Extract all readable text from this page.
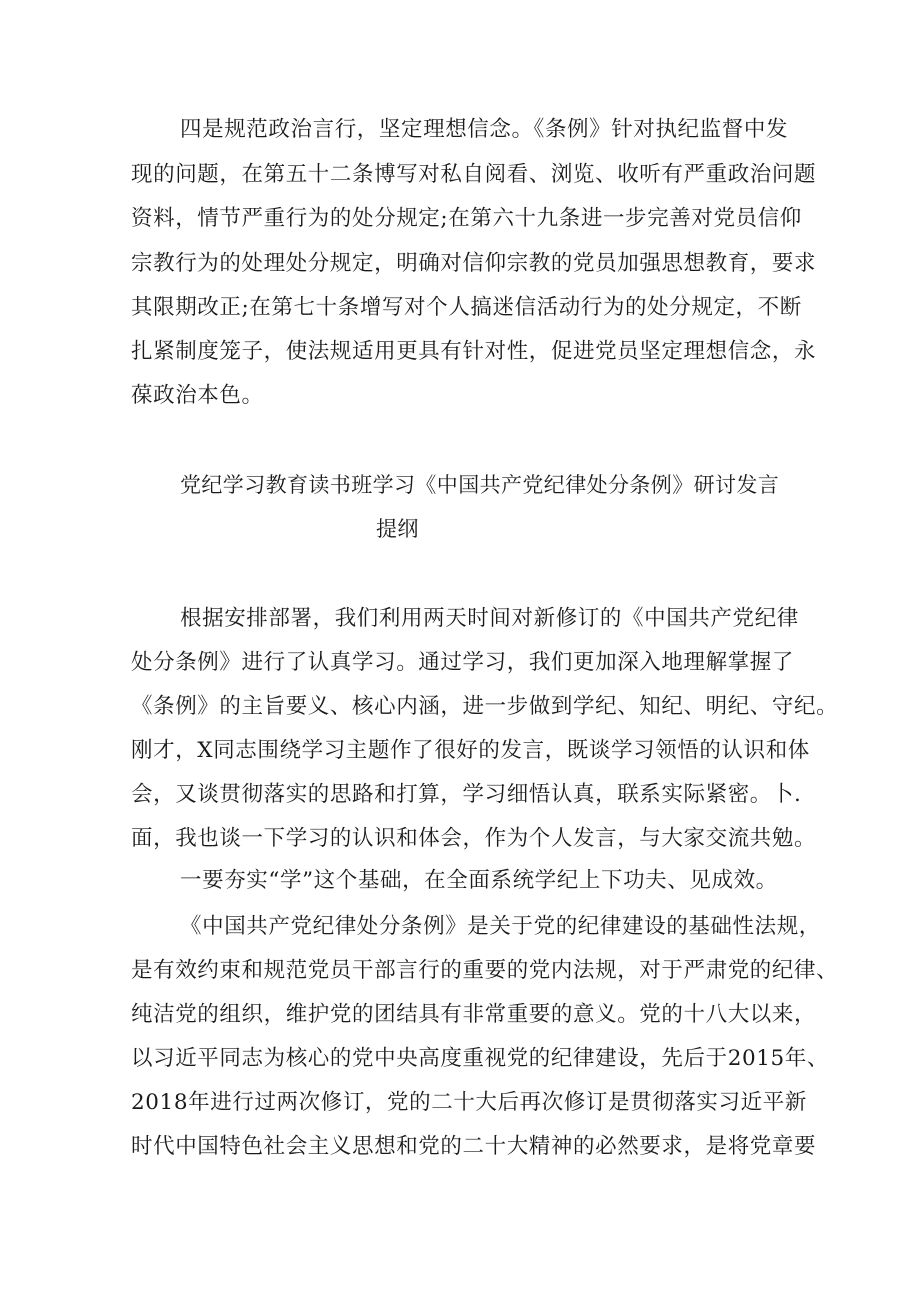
四是规范政治言行，坚定理想信念。《条例》针对执纪监督中发
现的问题，在第五十二条博写对私自阅看、浏览、收听有严重政治问题
资料，情节严重行为的处分规定;在第六十九条进一步完善对党员信仰
宗教行为的处理处分规定，明确对信仰宗教的党员加强思想教育，要求
其限期改正;在第七十条增写对个人搞迷信活动行为的处分规定，不断
扎紧制度笼子，使法规适用更具有针对性，促进党员坚定理想信念，永
葆政治本色。
党纪学习教育读书班学习《中国共产党纪律处分条例》研讨发言
提纲
根据安排部署，我们利用两天时间对新修订的《中国共产党纪律
处分条例》进行了认真学习。通过学习，我们更加深入地理解掌握了
《条例》的主旨要义、核心内涵，进一步做到学纪、知纪、明纪、守纪。
刚才，X同志围绕学习主题作了很好的发言，既谈学习领悟的认识和体
会，又谈贯彻落实的思路和打算，学习细悟认真，联系实际紧密。卜.
面，我也谈一下学习的认识和体会，作为个人发言，与大家交流共勉。
一要夯实“学”这个基础，在全面系统学纪上下功夫、见成效。
《中国共产党纪律处分条例》是关于党的纪律建设的基础性法规，
是有效约束和规范党员干部言行的重要的党内法规，对于严肃党的纪律、
纯洁党的组织，维护党的团结具有非常重要的意义。党的十八大以来，
以习近平同志为核心的党中央高度重视党的纪律建设，先后于2015年、
2018年进行过两次修订，党的二十大后再次修订是贯彻落实习近平新
时代中国特色社会主义思想和党的二十大精神的必然要求，是将党章要
